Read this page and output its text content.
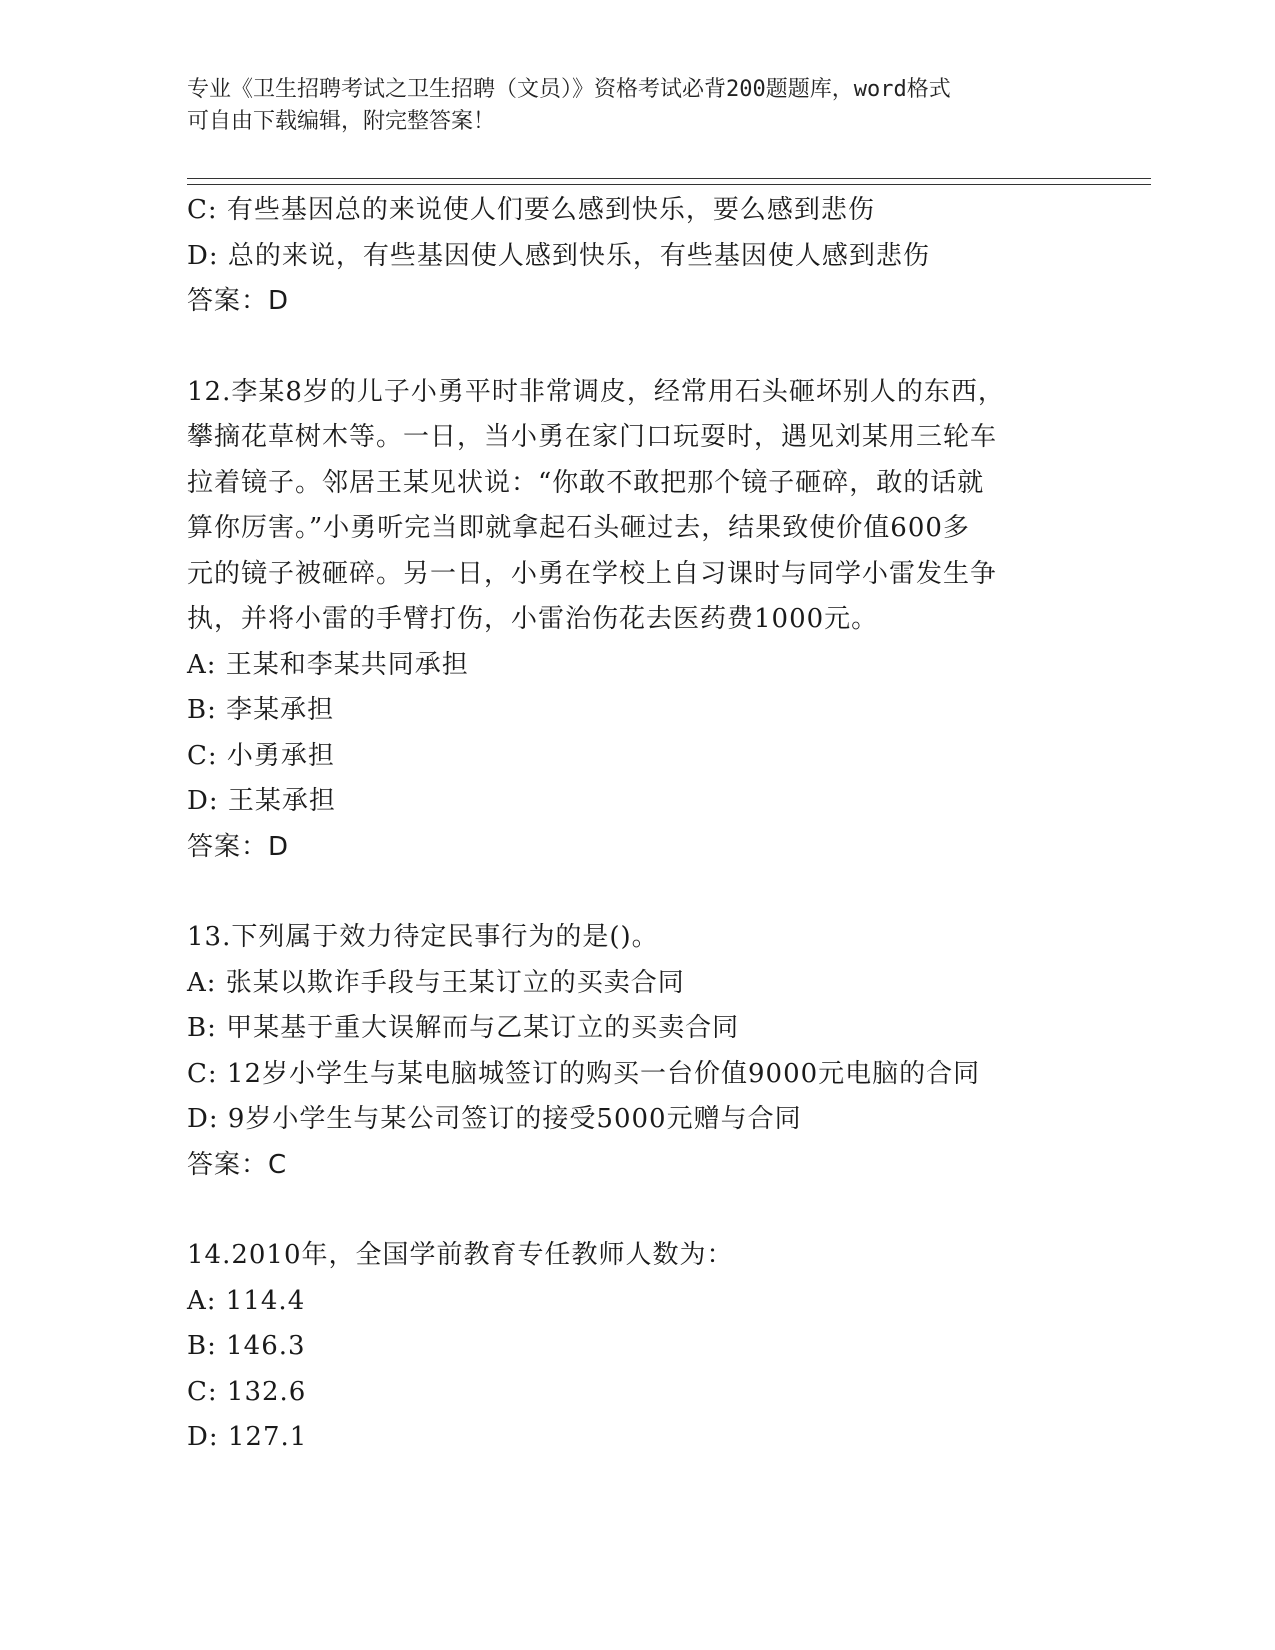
专业《卫生招聘考试之卫生招聘（文员）》资格考试必背200题题库，word格式
可自由下载编辑，附完整答案！
C: 有些基因总的来说使人们要么感到快乐，要么感到悲伤
D: 总的来说，有些基因使人感到快乐，有些基因使人感到悲伤
答案：D
12.李某8岁的儿子小勇平时非常调皮，经常用石头砸坏别人的东西，
攀摘花草树木等。一日，当小勇在家门口玩耍时，遇见刘某用三轮车
拉着镜子。邻居王某见状说：“你敢不敢把那个镜子砸碎，敢的话就
算你厉害。”小勇听完当即就拿起石头砸过去，结果致使价值600多
元的镜子被砸碎。另一日，小勇在学校上自习课时与同学小雷发生争
执，并将小雷的手臂打伤，小雷治伤花去医药费1000元。
A: 王某和李某共同承担
B: 李某承担
C: 小勇承担
D: 王某承担
答案：D
13.下列属于效力待定民事行为的是()。
A: 张某以欺诈手段与王某订立的买卖合同
B: 甲某基于重大误解而与乙某订立的买卖合同
C: 12岁小学生与某电脑城签订的购买一台价值9000元电脑的合同
D: 9岁小学生与某公司签订的接受5000元赠与合同
答案：C
14.2010年，全国学前教育专任教师人数为：
A: 114.4
B: 146.3
C: 132.6
D: 127.1
